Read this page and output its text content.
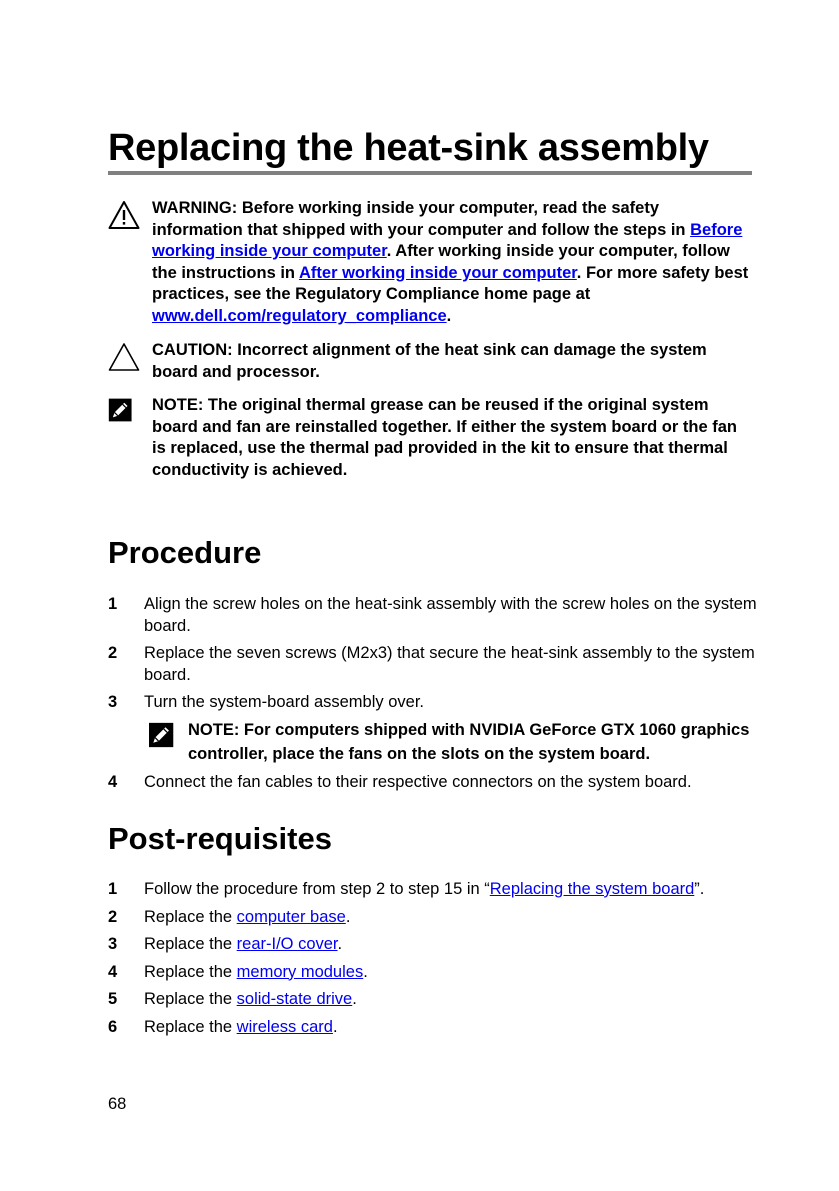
Replacing the heat-sink assembly
WARNING: Before working inside your computer, read the safety information that shipped with your computer and follow the steps in Before working inside your computer. After working inside your computer, follow the instructions in After working inside your computer. For more safety best practices, see the Regulatory Compliance home page at www.dell.com/regulatory_compliance.
CAUTION: Incorrect alignment of the heat sink can damage the system board and processor.
NOTE: The original thermal grease can be reused if the original system board and fan are reinstalled together. If either the system board or the fan is replaced, use the thermal pad provided in the kit to ensure that thermal conductivity is achieved.
Procedure
1 Align the screw holes on the heat-sink assembly with the screw holes on the system board.
2 Replace the seven screws (M2x3) that secure the heat-sink assembly to the system board.
3 Turn the system-board assembly over.
NOTE: For computers shipped with NVIDIA GeForce GTX 1060 graphics controller, place the fans on the slots on the system board.
4 Connect the fan cables to their respective connectors on the system board.
Post-requisites
1 Follow the procedure from step 2 to step 15 in “Replacing the system board”.
2 Replace the computer base.
3 Replace the rear-I/O cover.
4 Replace the memory modules.
5 Replace the solid-state drive.
6 Replace the wireless card.
68
